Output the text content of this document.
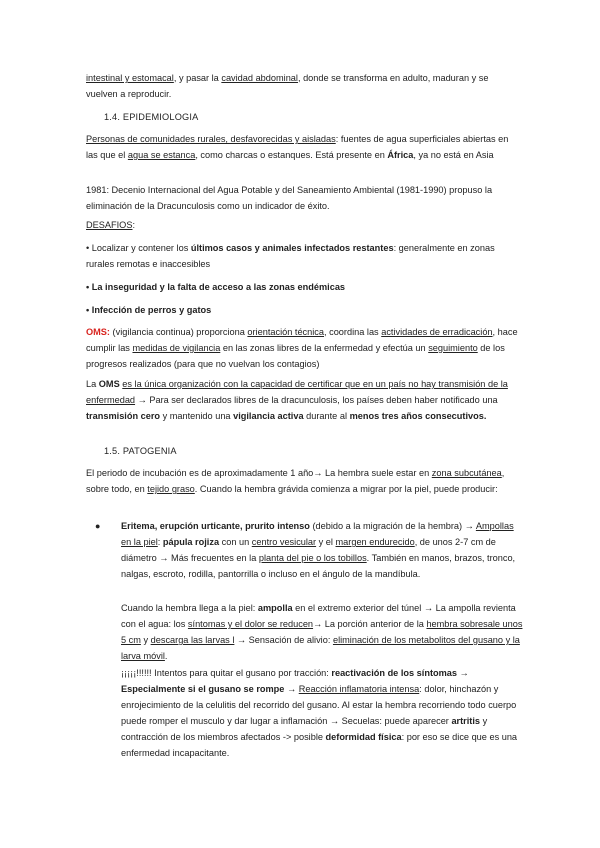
intestinal y estomacal, y pasar la cavidad abdominal, donde se transforma en adulto, maduran y se vuelven a reproducir.

1.4. EPIDEMIOLOGIA

Personas de comunidades rurales, desfavorecidas y aisladas: fuentes de agua superficiales abiertas en las que el agua se estanca, como charcas o estanques. Está presente en África, ya no está en Asia

1981: Decenio Internacional del Agua Potable y del Saneamiento Ambiental (1981-1990) propuso la eliminación de la Dracunculosis como un indicador de éxito.

DESAFIOS:

• Localizar y contener los últimos casos y animales infectados restantes: generalmente en zonas rurales remotas e inaccesibles

• La inseguridad y la falta de acceso a las zonas endémicas

• Infección de perros y gatos

OMS: (vigilancia continua) proporciona orientación técnica, coordina las actividades de erradicación, hace cumplir las medidas de vigilancia en las zonas libres de la enfermedad y efectúa un seguimiento de los progresos realizados (para que no vuelvan los contagios)

La OMS es la única organización con la capacidad de certificar que en un país no hay transmisión de la enfermedad → Para ser declarados libres de la dracunculosis, los países deben haber notificado una transmisión cero y mantenido una vigilancia activa durante al menos tres años consecutivos.

1.5. PATOGENIA

El periodo de incubación es de aproximadamente 1 año→ La hembra suele estar en zona subcutánea, sobre todo, en tejido graso. Cuando la hembra grávida comienza a migrar por la piel, puede producir:

● Eritema, erupción urticante, prurito intenso (debido a la migración de la hembra) → Ampollas en la piel: pápula rojiza con un centro vesicular y el margen endurecido, de unos 2-7 cm de diámetro → Más frecuentes en la planta del pie o los tobillos. También en manos, brazos, tronco, nalgas, escroto, rodilla, pantorrilla o incluso en el ángulo de la mandíbula.

Cuando la hembra llega a la piel: ampolla en el extremo exterior del túnel → La ampolla revienta con el agua: los síntomas y el dolor se reducen→ La porción anterior de la hembra sobresale unos 5 cm y descarga las larvas l → Sensación de alivio: eliminación de los metabolitos del gusano y la larva móvil.

¡¡¡¡¡!!!!!! Intentos para quitar el gusano por tracción: reactivación de los síntomas → Especialmente si el gusano se rompe → Reacción inflamatoria intensa: dolor, hinchazón y enrojecimiento de la celulitis del recorrido del gusano. Al estar la hembra recorriendo todo cuerpo puede romper el musculo y dar lugar a inflamación → Secuelas: puede aparecer artritis y contracción de los miembros afectados -> posible deformidad física: por eso se dice que es una enfermedad incapacitante.
